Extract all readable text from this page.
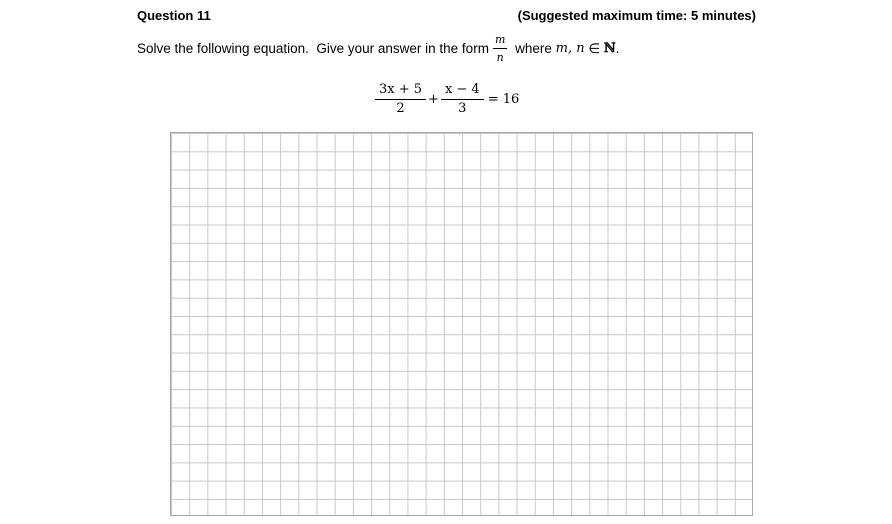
Question 11	(Suggested maximum time: 5 minutes)
Solve the following equation.  Give your answer in the form $\frac{m}{n}$ where m, n ∈ ℕ .
$\frac{3x + 5}{2} + \frac{x - 4}{3} = 16$
